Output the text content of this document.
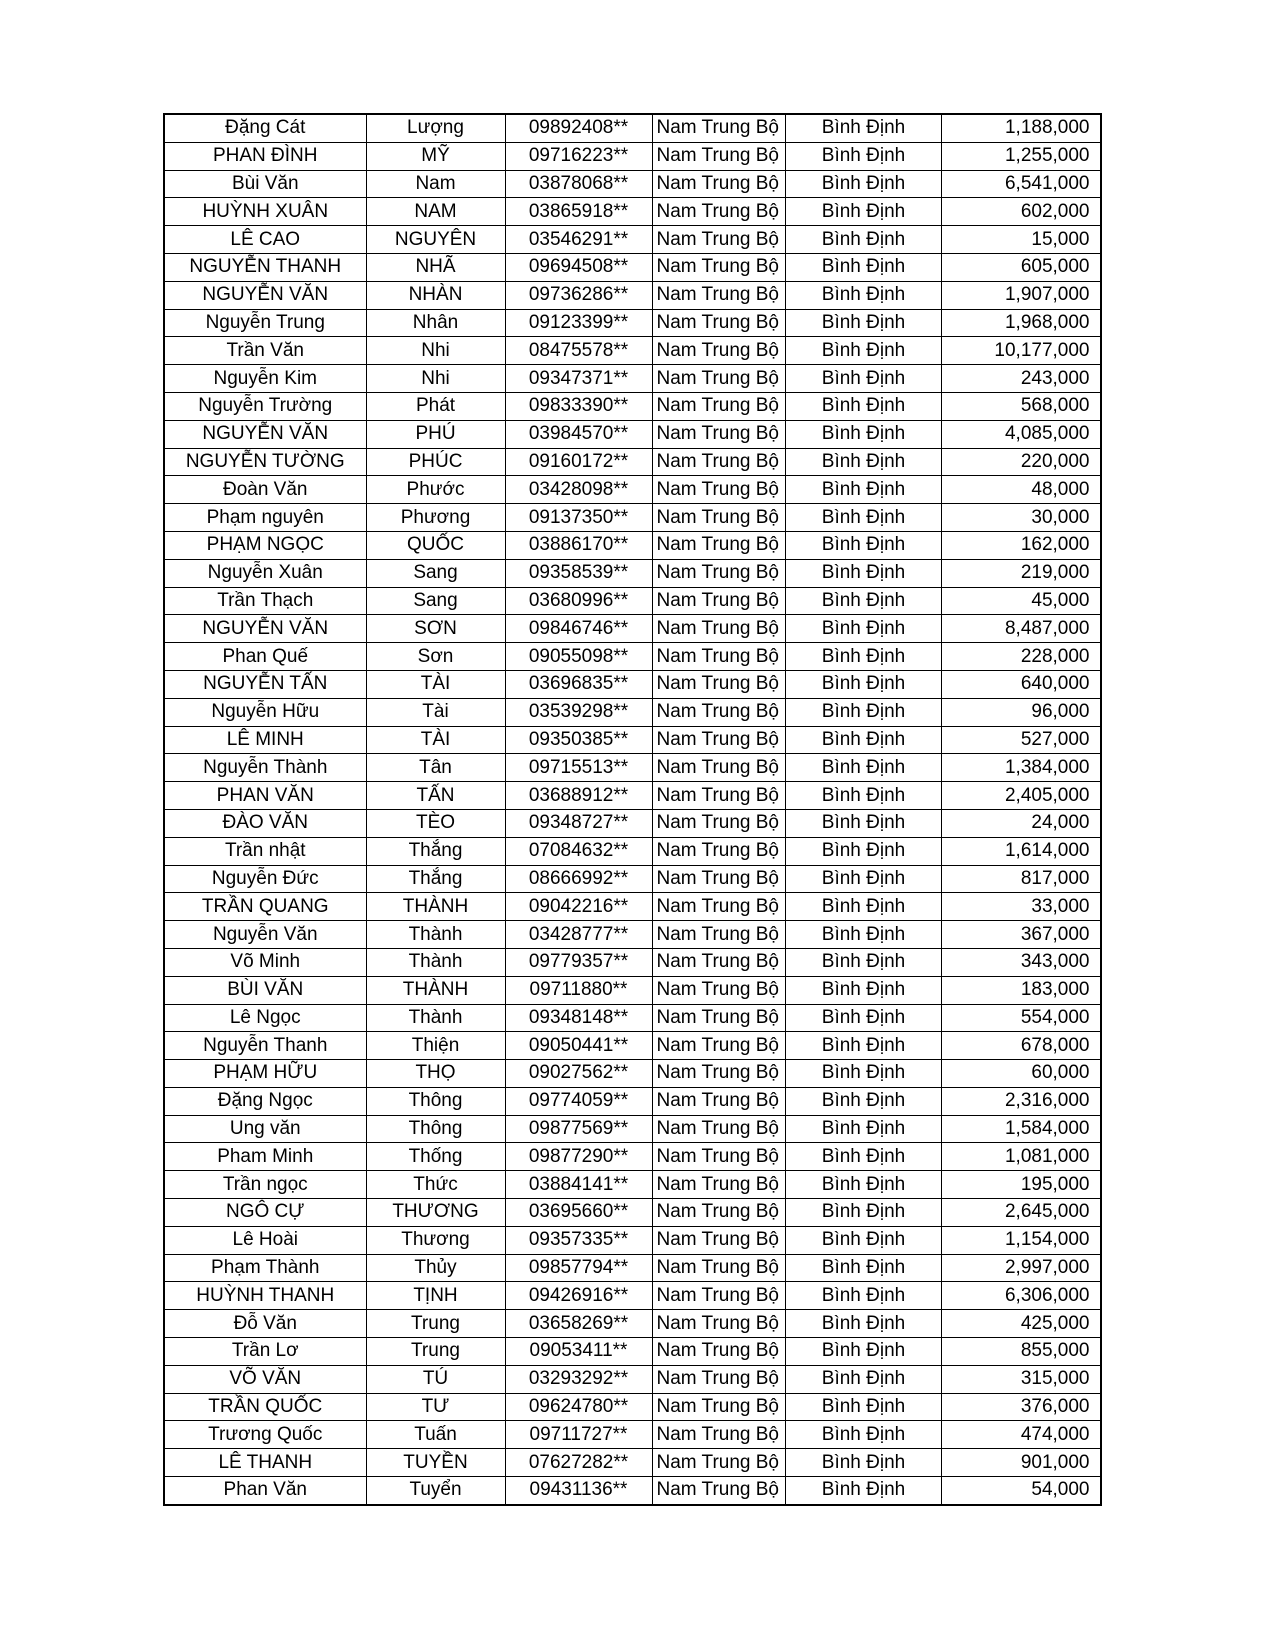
Đặng Cát	Lượng	09892408**	Nam Trung Bộ	Bình Định	1,188,000
PHAN ĐÌNH	MỸ	09716223**	Nam Trung Bộ	Bình Định	1,255,000
Bùi Văn	Nam	03878068**	Nam Trung Bộ	Bình Định	6,541,000
HUỲNH XUÂN	NAM	03865918**	Nam Trung Bộ	Bình Định	602,000
LÊ CAO	NGUYÊN	03546291**	Nam Trung Bộ	Bình Định	15,000
NGUYỄN THANH	NHÃ	09694508**	Nam Trung Bộ	Bình Định	605,000
NGUYỄN VĂN	NHÀN	09736286**	Nam Trung Bộ	Bình Định	1,907,000
Nguyễn Trung	Nhân	09123399**	Nam Trung Bộ	Bình Định	1,968,000
Trần Văn	Nhi	08475578**	Nam Trung Bộ	Bình Định	10,177,000
Nguyễn Kim	Nhi	09347371**	Nam Trung Bộ	Bình Định	243,000
Nguyễn Trường	Phát	09833390**	Nam Trung Bộ	Bình Định	568,000
NGUYỄN VĂN	PHÚ	03984570**	Nam Trung Bộ	Bình Định	4,085,000
NGUYỄN TƯỜNG	PHÚC	09160172**	Nam Trung Bộ	Bình Định	220,000
Đoàn Văn	Phước	03428098**	Nam Trung Bộ	Bình Định	48,000
Phạm nguyên	Phương	09137350**	Nam Trung Bộ	Bình Định	30,000
PHẠM NGỌC	QUỐC	03886170**	Nam Trung Bộ	Bình Định	162,000
Nguyễn Xuân	Sang	09358539**	Nam Trung Bộ	Bình Định	219,000
Trần Thạch	Sang	03680996**	Nam Trung Bộ	Bình Định	45,000
NGUYỄN VĂN	SƠN	09846746**	Nam Trung Bộ	Bình Định	8,487,000
Phan Quế	Sơn	09055098**	Nam Trung Bộ	Bình Định	228,000
NGUYỄN TẤN	TÀI	03696835**	Nam Trung Bộ	Bình Định	640,000
Nguyễn Hữu	Tài	03539298**	Nam Trung Bộ	Bình Định	96,000
LÊ MINH	TÀI	09350385**	Nam Trung Bộ	Bình Định	527,000
Nguyễn Thành	Tân	09715513**	Nam Trung Bộ	Bình Định	1,384,000
PHAN VĂN	TẤN	03688912**	Nam Trung Bộ	Bình Định	2,405,000
ĐÀO VĂN	TÈO	09348727**	Nam Trung Bộ	Bình Định	24,000
Trần nhật	Thắng	07084632**	Nam Trung Bộ	Bình Định	1,614,000
Nguyễn Đức	Thắng	08666992**	Nam Trung Bộ	Bình Định	817,000
TRẦN QUANG	THÀNH	09042216**	Nam Trung Bộ	Bình Định	33,000
Nguyễn Văn	Thành	03428777**	Nam Trung Bộ	Bình Định	367,000
Võ Minh	Thành	09779357**	Nam Trung Bộ	Bình Định	343,000
BÙI VĂN	THÀNH	09711880**	Nam Trung Bộ	Bình Định	183,000
Lê Ngọc	Thành	09348148**	Nam Trung Bộ	Bình Định	554,000
Nguyễn Thanh	Thiện	09050441**	Nam Trung Bộ	Bình Định	678,000
PHẠM HỮU	THỌ	09027562**	Nam Trung Bộ	Bình Định	60,000
Đặng Ngọc	Thông	09774059**	Nam Trung Bộ	Bình Định	2,316,000
Ung văn	Thông	09877569**	Nam Trung Bộ	Bình Định	1,584,000
Pham Minh	Thống	09877290**	Nam Trung Bộ	Bình Định	1,081,000
Trần ngọc	Thức	03884141**	Nam Trung Bộ	Bình Định	195,000
NGÔ CỰ	THƯƠNG	03695660**	Nam Trung Bộ	Bình Định	2,645,000
Lê Hoài	Thương	09357335**	Nam Trung Bộ	Bình Định	1,154,000
Phạm Thành	Thủy	09857794**	Nam Trung Bộ	Bình Định	2,997,000
HUỲNH THANH	TỊNH	09426916**	Nam Trung Bộ	Bình Định	6,306,000
Đỗ Văn	Trung	03658269**	Nam Trung Bộ	Bình Định	425,000
Trần Lơ	Trung	09053411**	Nam Trung Bộ	Bình Định	855,000
VÕ VĂN	TÚ	03293292**	Nam Trung Bộ	Bình Định	315,000
TRẦN QUỐC	TƯ	09624780**	Nam Trung Bộ	Bình Định	376,000
Trương Quốc	Tuấn	09711727**	Nam Trung Bộ	Bình Định	474,000
LÊ THANH	TUYỀN	07627282**	Nam Trung Bộ	Bình Định	901,000
Phan Văn	Tuyển	09431136**	Nam Trung Bộ	Bình Định	54,000
